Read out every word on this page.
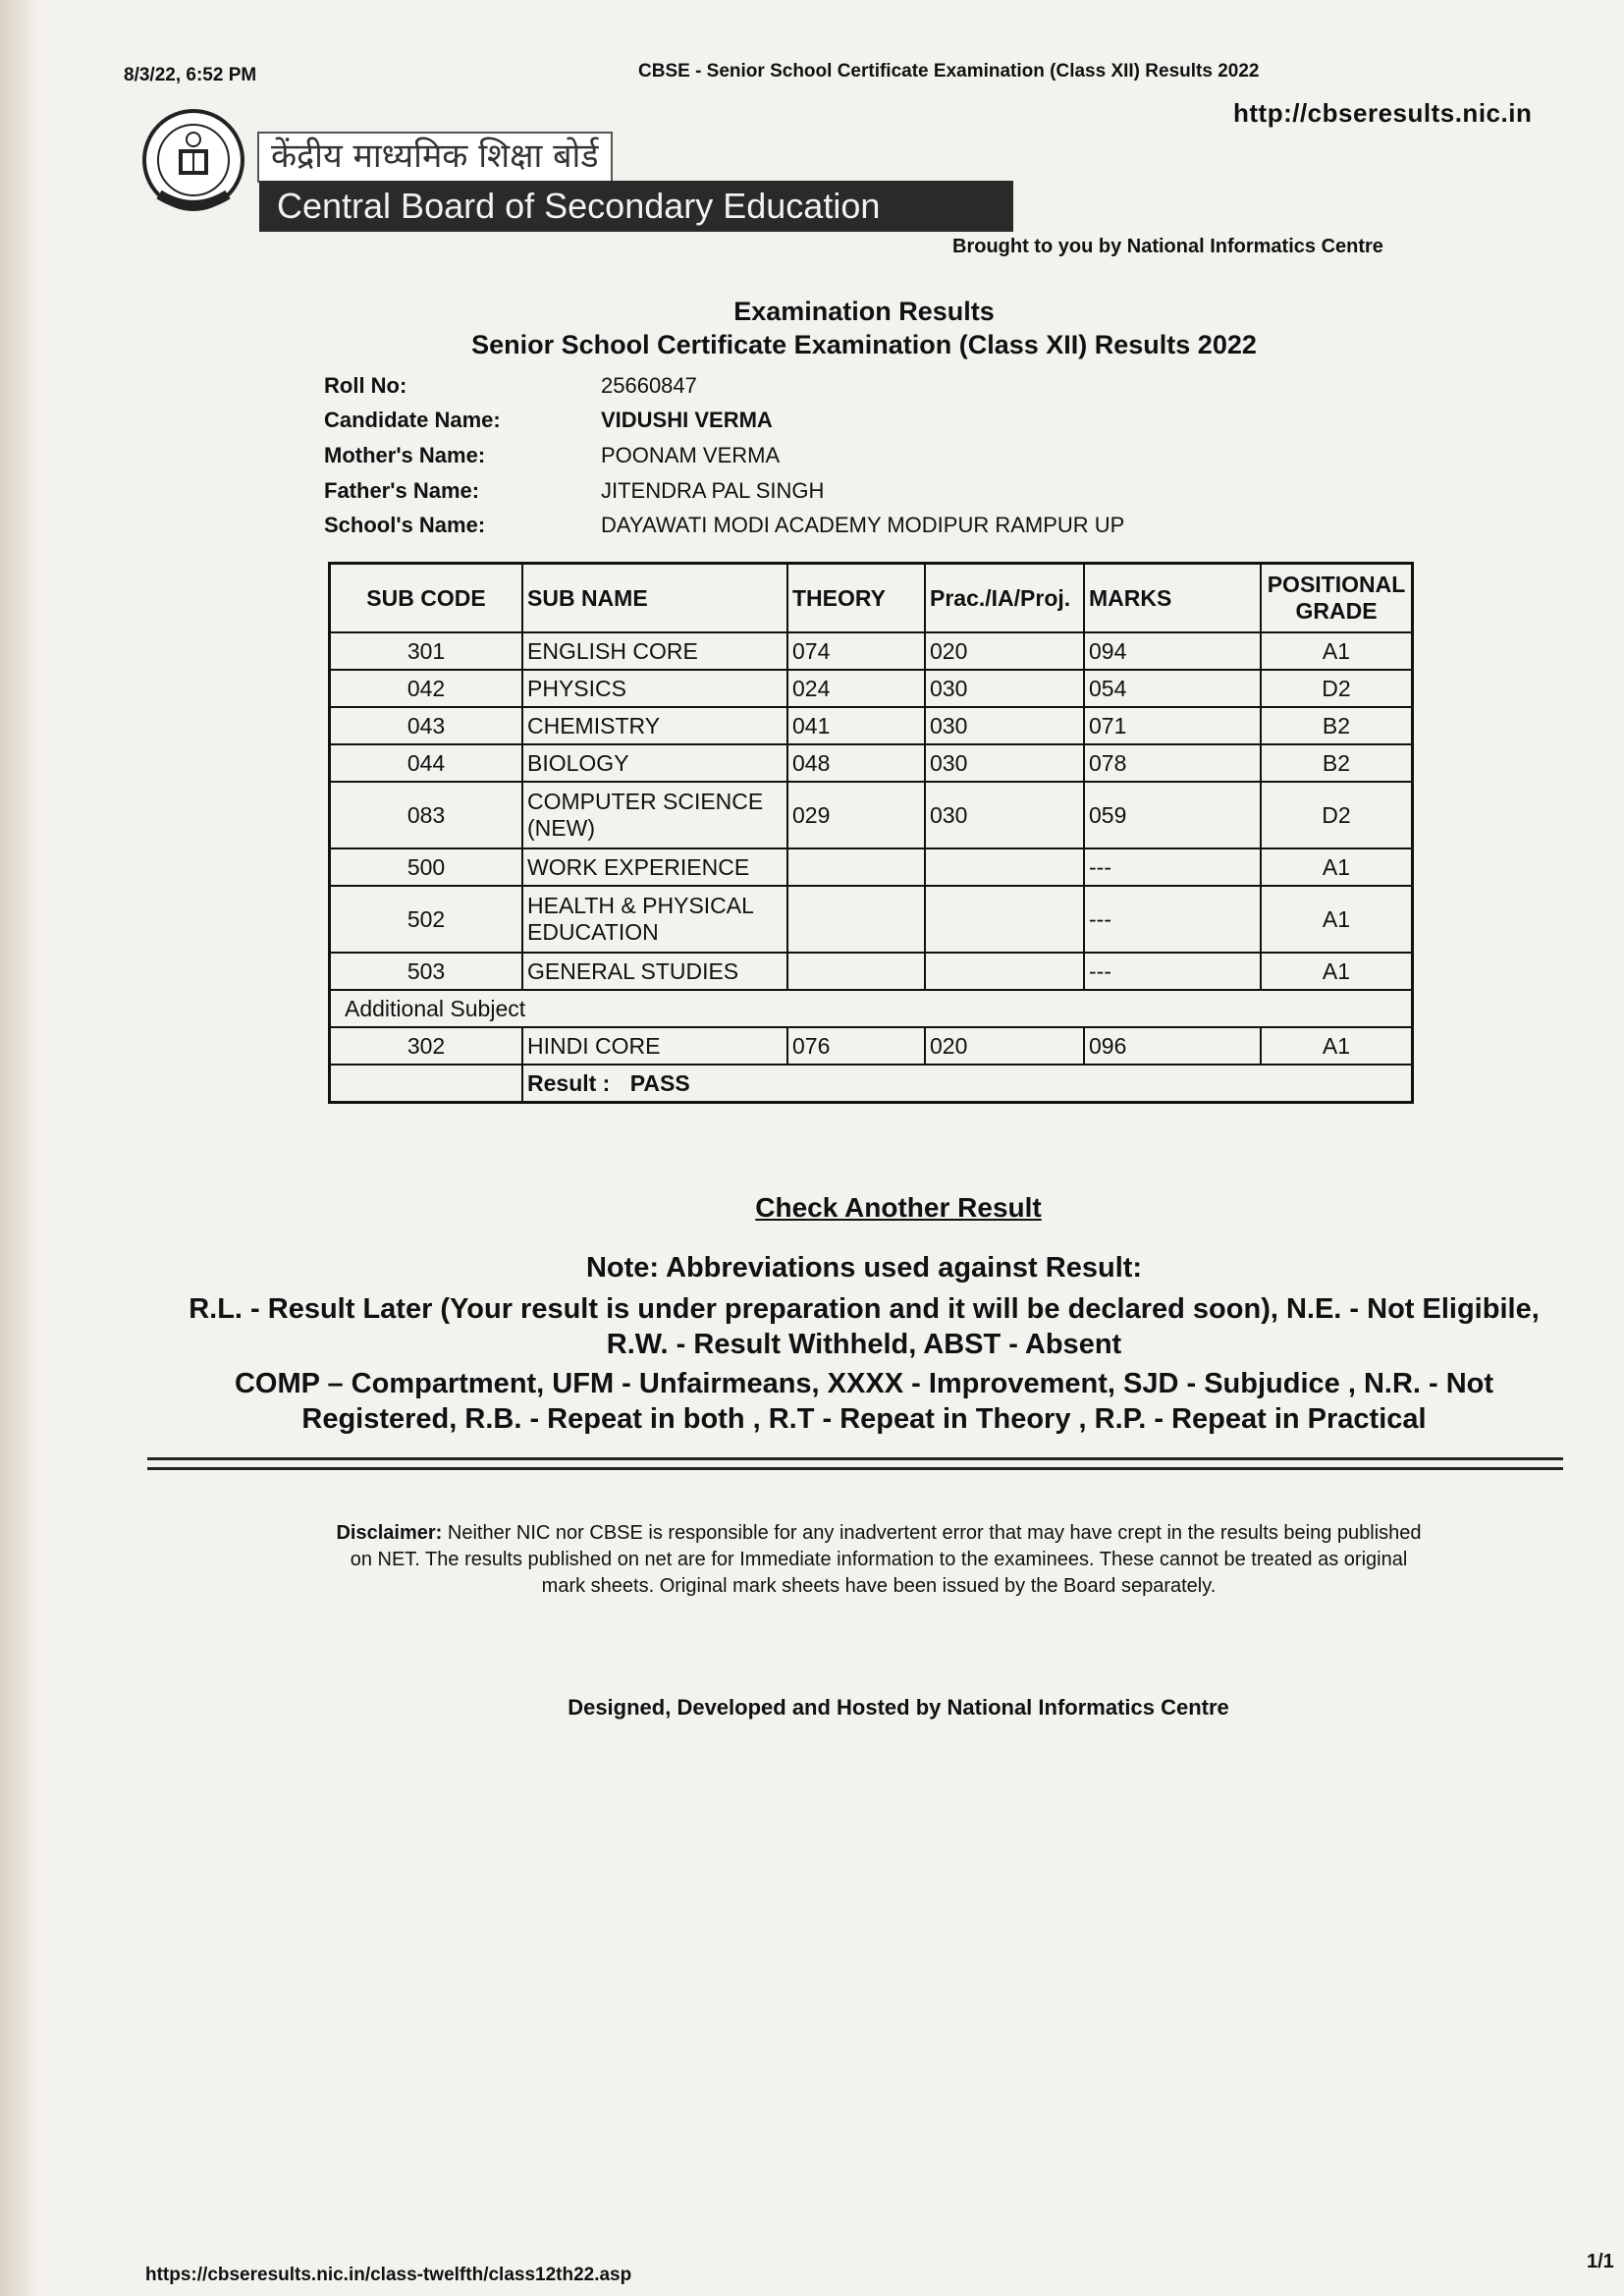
8/3/22, 6:52 PM	CBSE - Senior School Certificate Examination (Class XII) Results 2022
http://cbseresults.nic.in
केंद्रीय माध्यमिक शिक्षा बोर्ड
Central Board of Secondary Education
Brought to you by National Informatics Centre
Examination Results
Senior School Certificate Examination (Class XII) Results 2022
Roll No:	25660847
Candidate Name:	VIDUSHI VERMA
Mother's Name:	POONAM VERMA
Father's Name:	JITENDRA PAL SINGH
School's Name:	DAYAWATI MODI ACADEMY MODIPUR RAMPUR UP
SUB CODE	SUB NAME	THEORY	Prac./IA/Proj.	MARKS	POSITIONAL
GRADE

301	ENGLISH CORE	074	020	094	A1
042	PHYSICS	024	030	054	D2
043	CHEMISTRY	041	030	071	B2
044	BIOLOGY	048	030	078	B2
083	COMPUTER SCIENCE (NEW)	029	030	059	D2
500	WORK EXPERIENCE			---	A1
502	HEALTH & PHYSICAL EDUCATION			---	A1
503	GENERAL STUDIES			---	A1
Additional Subject					
302	HINDI CORE	076	020	096	A1
	Result : PASS				
Check Another Result
Note: Abbreviations used against Result:
R.L. - Result Later (Your result is under preparation and it will be declared soon), N.E. - Not Eligibile,
R.W. - Result Withheld, ABST - Absent
COMP – Compartment, UFM - Unfairmeans, XXXX - Improvement, SJD - Subjudice , N.R. - Not
Registered, R.B. - Repeat in both , R.T - Repeat in Theory , R.P. - Repeat in Practical
Disclaimer: Neither NIC nor CBSE is responsible for any inadvertent error that may have crept in the results being published on NET. The results published on net are for Immediate information to the examinees. These cannot be treated as original mark sheets. Original mark sheets have been issued by the Board separately.
Designed, Developed and Hosted by National Informatics Centre
https://cbseresults.nic.in/class-twelfth/class12th22.asp
1/1
